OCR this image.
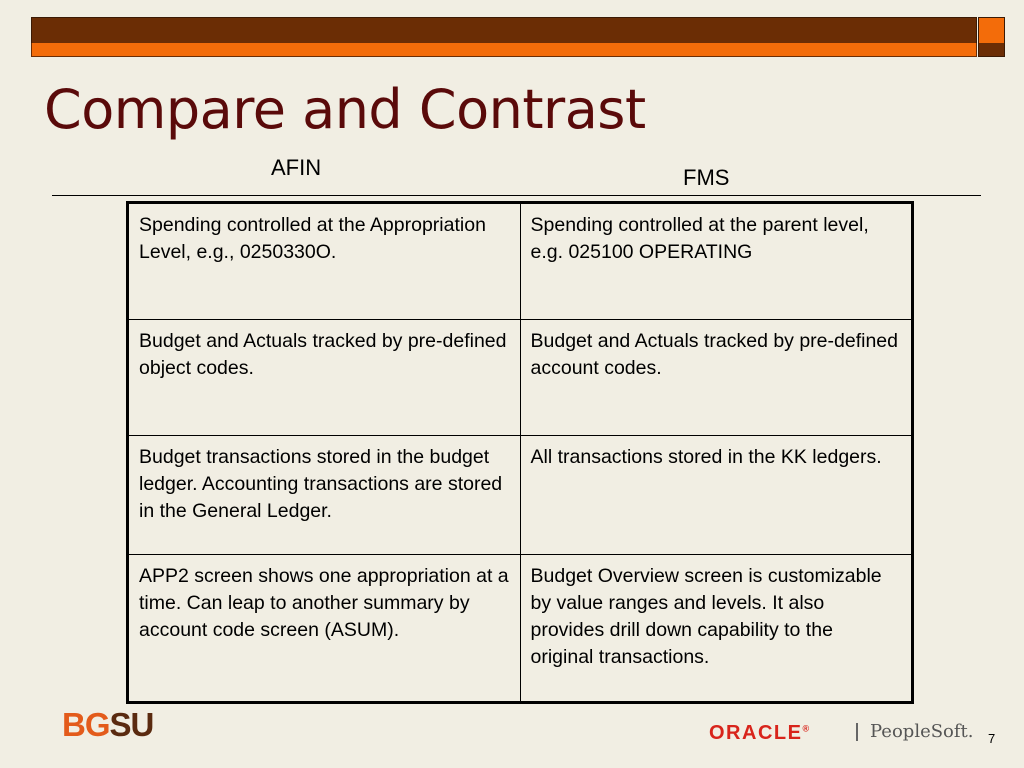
Compare and Contrast
AFIN	FMS
Spending controlled at the Appropriation Level, e.g., 0250330O.	Spending controlled at the parent level, e.g. 025100 OPERATING
Budget and Actuals tracked by pre-defined object codes.	Budget and Actuals tracked by pre-defined account codes.
Budget transactions stored in the budget ledger. Accounting transactions are stored in the General Ledger.	All transactions stored in the KK ledgers.
APP2 screen shows one appropriation at a time. Can leap to another summary by account code screen (ASUM).	Budget Overview screen is customizable by value ranges and levels. It also provides drill down capability to the original transactions.
BGSU	ORACLE®	PeopleSoft. 7
